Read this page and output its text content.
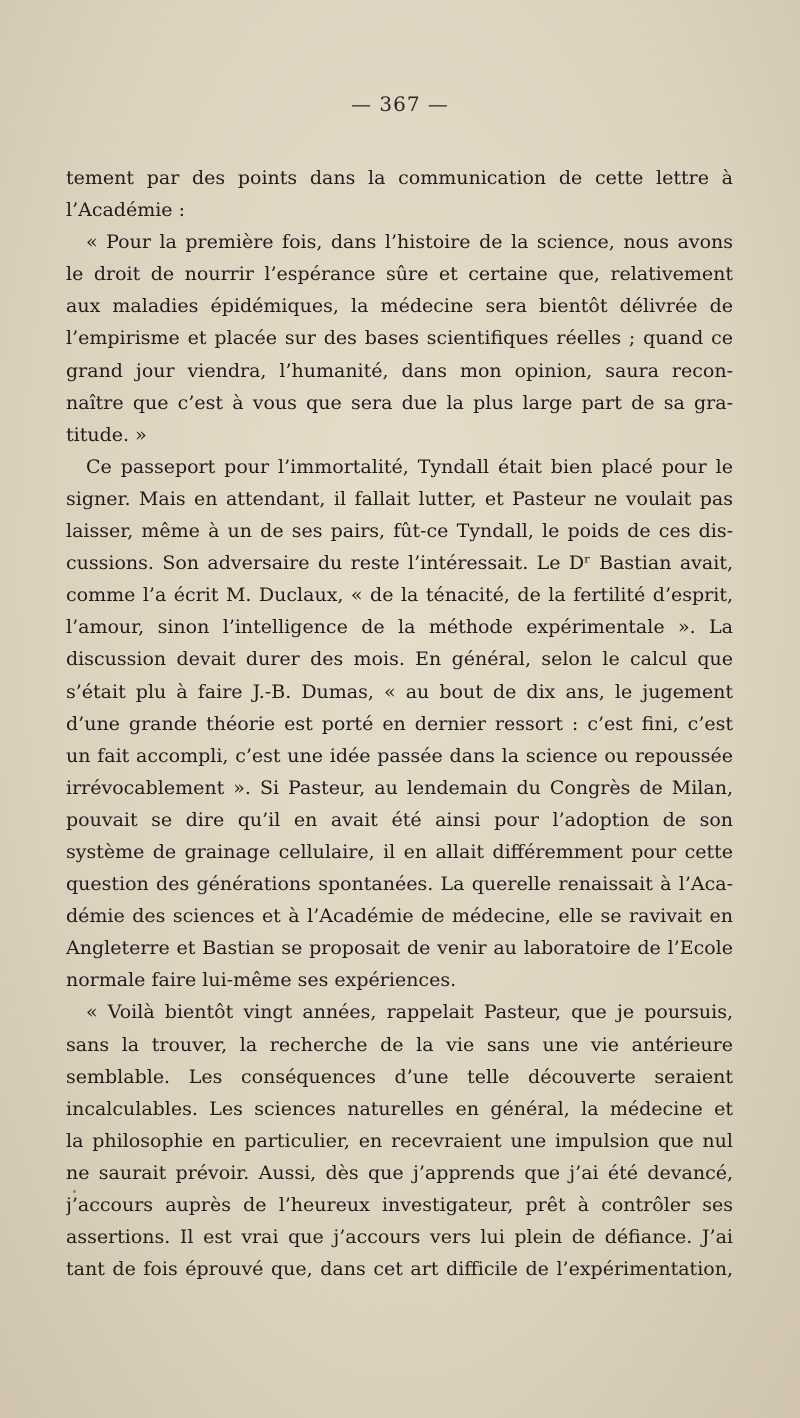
— 367 —
tement par des points dans la communication de cette lettre à
l’Académie :
« Pour la première fois, dans l’histoire de la science, nous avons
le droit de nourrir l’espérance sûre et certaine que, relativement
aux maladies épidémiques, la médecine sera bientôt délivrée de
l’empirisme et placée sur des bases scientifiques réelles ; quand ce
grand jour viendra, l’humanité, dans mon opinion, saura recon-
naître que c’est à vous que sera due la plus large part de sa gra-
titude. »
Ce passeport pour l’immortalité, Tyndall était bien placé pour le
signer. Mais en attendant, il fallait lutter, et Pasteur ne voulait pas
laisser, même à un de ses pairs, fût-ce Tyndall, le poids de ces dis-
cussions. Son adversaire du reste l’intéressait. Le Dʳ Bastian avait,
comme l’a écrit M. Duclaux, « de la ténacité, de la fertilité d’esprit,
l’amour, sinon l’intelligence de la méthode expérimentale ». La
discussion devait durer des mois. En général, selon le calcul que
s’était plu à faire J.-B. Dumas, « au bout de dix ans, le jugement
d’une grande théorie est porté en dernier ressort : c’est fini, c’est
un fait accompli, c’est une idée passée dans la science ou repoussée
irrévocablement ». Si Pasteur, au lendemain du Congrès de Milan,
pouvait se dire qu’il en avait été ainsi pour l’adoption de son
système de grainage cellulaire, il en allait différemment pour cette
question des générations spontanées. La querelle renaissait à l’Aca-
démie des sciences et à l’Académie de médecine, elle se ravivait en
Angleterre et Bastian se proposait de venir au laboratoire de l’Ecole
normale faire lui-même ses expériences.
« Voilà bientôt vingt années, rappelait Pasteur, que je poursuis,
sans la trouver, la recherche de la vie sans une vie antérieure
semblable. Les conséquences d’une telle découverte seraient
incalculables. Les sciences naturelles en général, la médecine et
la philosophie en particulier, en recevraient une impulsion que nul
ne saurait prévoir. Aussi, dès que j’apprends que j’ai été devancé,
j’accours auprès de l’heureux investigateur, prêt à contrôler ses
assertions. Il est vrai que j’accours vers lui plein de défiance. J’ai
tant de fois éprouvé que, dans cet art difficile de l’expérimentation,
